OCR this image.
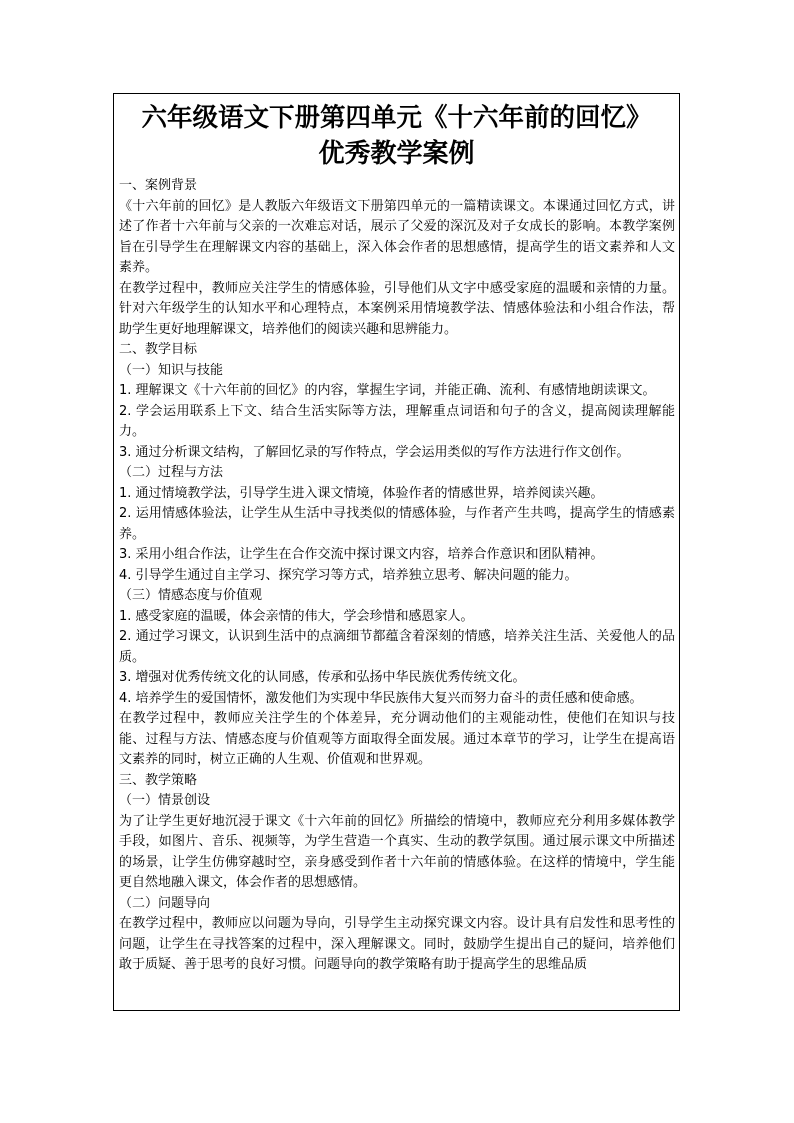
六年级语文下册第四单元《十六年前的回忆》
优秀教学案例

一、案例背景

《十六年前的回忆》是人教版六年级语文下册第四单元的一篇精读课文。本课通过回忆方式，讲述了作者十六年前与父亲的一次难忘对话，展示了父爱的深沉及对子女成长的影响。本教学案例旨在引导学生在理解课文内容的基础上，深入体会作者的思想感情，提高学生的语文素养和人文素养。

在教学过程中，教师应关注学生的情感体验，引导他们从文字中感受家庭的温暖和亲情的力量。针对六年级学生的认知水平和心理特点，本案例采用情境教学法、情感体验法和小组合作法，帮助学生更好地理解课文，培养他们的阅读兴趣和思辨能力。

二、教学目标

（一）知识与技能

1. 理解课文《十六年前的回忆》的内容，掌握生字词，并能正确、流利、有感情地朗读课文。

2. 学会运用联系上下文、结合生活实际等方法，理解重点词语和句子的含义，提高阅读理解能力。

3. 通过分析课文结构，了解回忆录的写作特点，学会运用类似的写作方法进行作文创作。

（二）过程与方法

1. 通过情境教学法，引导学生进入课文情境，体验作者的情感世界，培养阅读兴趣。

2. 运用情感体验法，让学生从生活中寻找类似的情感体验，与作者产生共鸣，提高学生的情感素养。

3. 采用小组合作法，让学生在合作交流中探讨课文内容，培养合作意识和团队精神。

4. 引导学生通过自主学习、探究学习等方式，培养独立思考、解决问题的能力。

（三）情感态度与价值观

1. 感受家庭的温暖，体会亲情的伟大，学会珍惜和感恩家人。

2. 通过学习课文，认识到生活中的点滴细节都蕴含着深刻的情感，培养关注生活、关爱他人的品质。

3. 增强对优秀传统文化的认同感，传承和弘扬中华民族优秀传统文化。

4. 培养学生的爱国情怀，激发他们为实现中华民族伟大复兴而努力奋斗的责任感和使命感。

在教学过程中，教师应关注学生的个体差异，充分调动他们的主观能动性，使他们在知识与技能、过程与方法、情感态度与价值观等方面取得全面发展。通过本章节的学习，让学生在提高语文素养的同时，树立正确的人生观、价值观和世界观。

三、教学策略

（一）情景创设

为了让学生更好地沉浸于课文《十六年前的回忆》所描绘的情境中，教师应充分利用多媒体教学手段，如图片、音乐、视频等，为学生营造一个真实、生动的教学氛围。通过展示课文中所描述的场景，让学生仿佛穿越时空，亲身感受到作者十六年前的情感体验。在这样的情境中，学生能更自然地融入课文，体会作者的思想感情。

（二）问题导向

在教学过程中，教师应以问题为导向，引导学生主动探究课文内容。设计具有启发性和思考性的问题，让学生在寻找答案的过程中，深入理解课文。同时，鼓励学生提出自己的疑问，培养他们敢于质疑、善于思考的良好习惯。问题导向的教学策略有助于提高学生的思维品质
